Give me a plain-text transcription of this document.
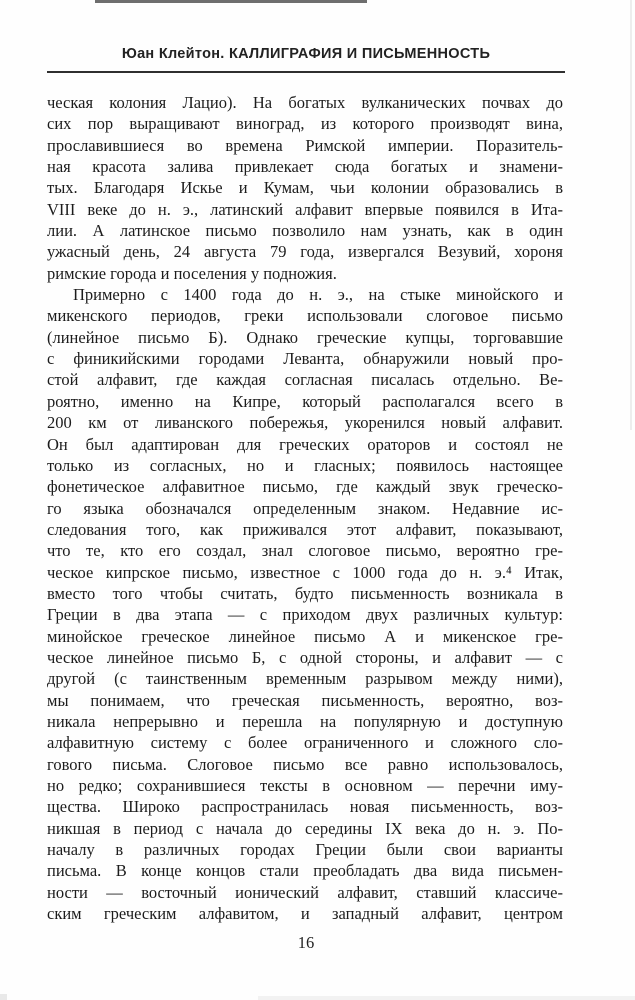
Юан Клейтон. КАЛЛИГРАФИЯ И ПИСЬМЕННОСТЬ
ческая колония Лацио). На богатых вулканических почвах до
сих пор выращивают виноград, из которого производят вина,
прославившиеся во времена Римской империи. Поразитель-
ная красота залива привлекает сюда богатых и знамени-
тых. Благодаря Искье и Кумам, чьи колонии образовались в
VIII веке до н. э., латинский алфавит впервые появился в Ита-
лии. А латинское письмо позволило нам узнать, как в один
ужасный день, 24 августа 79 года, извергался Везувий, хороня
римские города и поселения у подножия.
Примерно с 1400 года до н. э., на стыке минойского и
микенского периодов, греки использовали слоговое письмо
(линейное письмо Б). Однако греческие купцы, торговавшие
с финикийскими городами Леванта, обнаружили новый про-
стой алфавит, где каждая согласная писалась отдельно. Ве-
роятно, именно на Кипре, который располагался всего в
200 км от ливанского побережья, укоренился новый алфавит.
Он был адаптирован для греческих ораторов и состоял не
только из согласных, но и гласных; появилось настоящее
фонетическое алфавитное письмо, где каждый звук греческо-
го языка обозначался определенным знаком. Недавние ис-
следования того, как приживался этот алфавит, показывают,
что те, кто его создал, знал слоговое письмо, вероятно гре-
ческое кипрское письмо, известное с 1000 года до н. э.⁴ Итак,
вместо того чтобы считать, будто письменность возникала в
Греции в два этапа — с приходом двух различных культур:
минойское греческое линейное письмо А и микенское гре-
ческое линейное письмо Б, с одной стороны, и алфавит — с
другой (с таинственным временным разрывом между ними),
мы понимаем, что греческая письменность, вероятно, воз-
никала непрерывно и перешла на популярную и доступную
алфавитную систему с более ограниченного и сложного сло-
гового письма. Слоговое письмо все равно использовалось,
но редко; сохранившиеся тексты в основном — перечни иму-
щества. Широко распространилась новая письменность, воз-
никшая в период с начала до середины IX века до н. э. По-
началу в различных городах Греции были свои варианты
письма. В конце концов стали преобладать два вида письмен-
ности — восточный ионический алфавит, ставший классиче-
ским греческим алфавитом, и западный алфавит, центром
16
